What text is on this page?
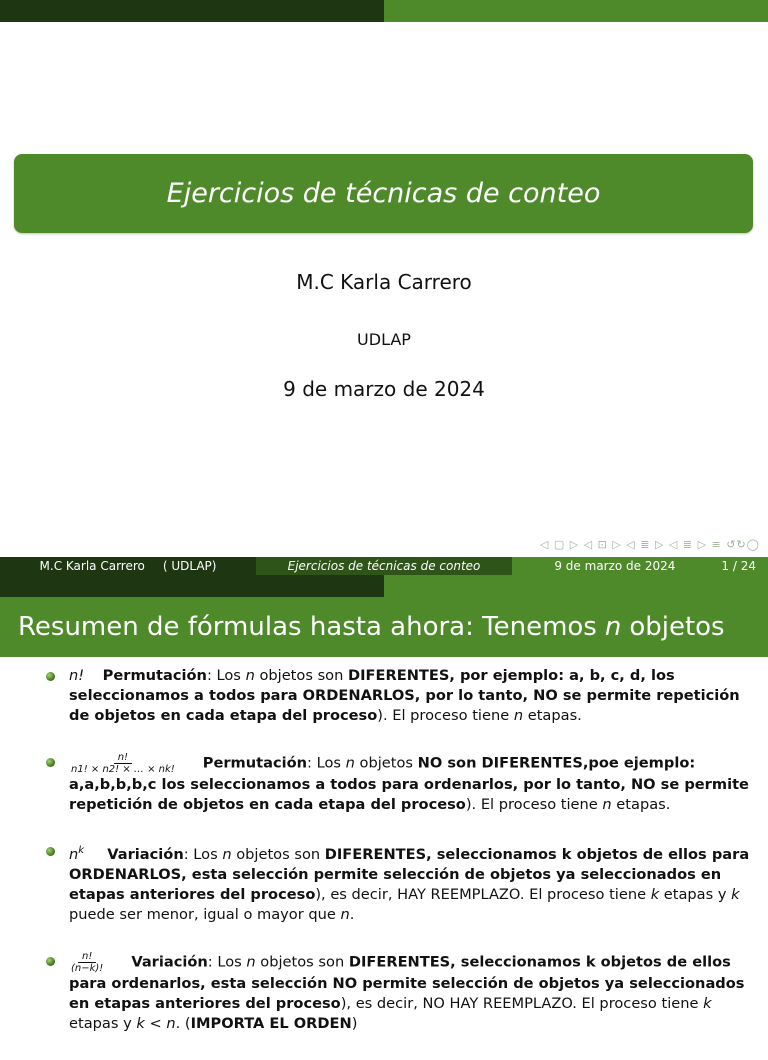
Ejercicios de técnicas de conteo
M.C Karla Carrero
UDLAP
9 de marzo de 2024
◁ ▢ ▷ ◁ ⊡ ▷ ◁ ≣ ▷ ◁ ≣ ▷ ≡ ↺↻◯
M.C Karla Carrero ( UDLAP)	Ejercicios de técnicas de conteo	9 de marzo de 2024	1 / 24
Resumen de fórmulas hasta ahora: Tenemos n objetos
n! Permutación: Los n objetos son DIFERENTES, por ejemplo: a, b, c, d, los seleccionamos a todos para ORDENARLOS, por lo tanto, NO se permite repetición de objetos en cada etapa del proceso). El proceso tiene n etapas.
$\frac{n!}{n1! \times n2! \times \dots \times nk!}$ Permutación: Los n objetos NO son DIFERENTES,poe ejemplo: a,a,b,b,b,c los seleccionamos a todos para ordenarlos, por lo tanto, NO se permite repetición de objetos en cada etapa del proceso). El proceso tiene n etapas.
$n^k$ Variación: Los n objetos son DIFERENTES, seleccionamos k objetos de ellos para ORDENARLOS, esta selección permite selección de objetos ya seleccionados en etapas anteriores del proceso), es decir, HAY REEMPLAZO. El proceso tiene k etapas y k puede ser menor, igual o mayor que n.
$\frac{n!}{(n-k)!}$ Variación: Los n objetos son DIFERENTES, seleccionamos k objetos de ellos para ordenarlos, esta selección NO permite selección de objetos ya seleccionados en etapas anteriores del proceso), es decir, NO HAY REEMPLAZO. El proceso tiene k etapas y k < n. (IMPORTA EL ORDEN)
